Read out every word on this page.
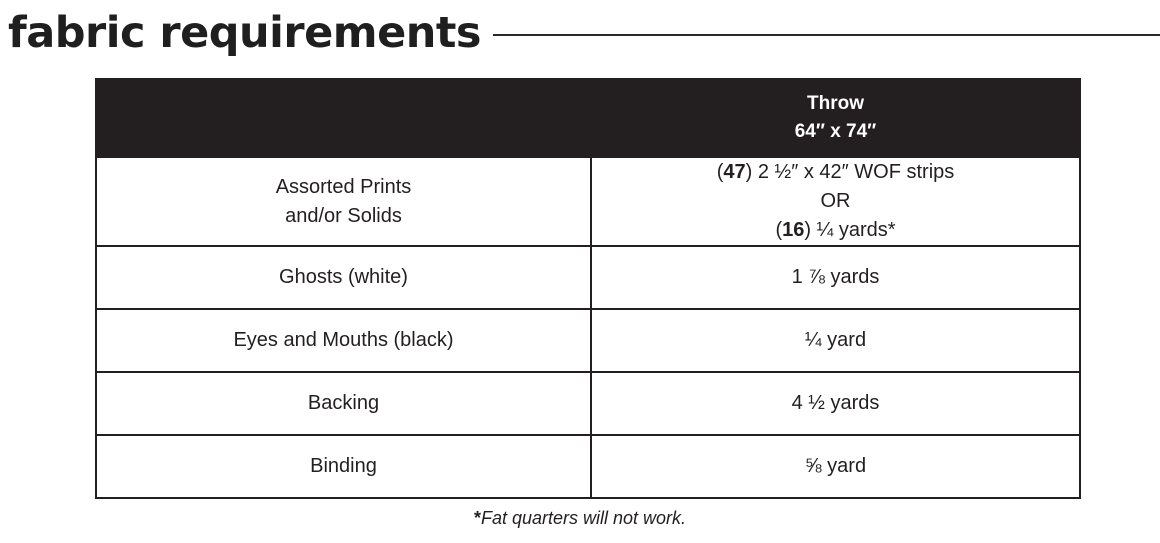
fabric requirements

	Throw
64″ x 74″

Assorted Prints
and/or Solids	(47) 2 ½″ x 42″ WOF strips
OR
(16) ¼ yards*

Ghosts (white)	1 ⅞ yards
Eyes and Mouths (black)	¼ yard
Backing	4 ½ yards
Binding	⅝ yard
*Fat quarters will not work.
